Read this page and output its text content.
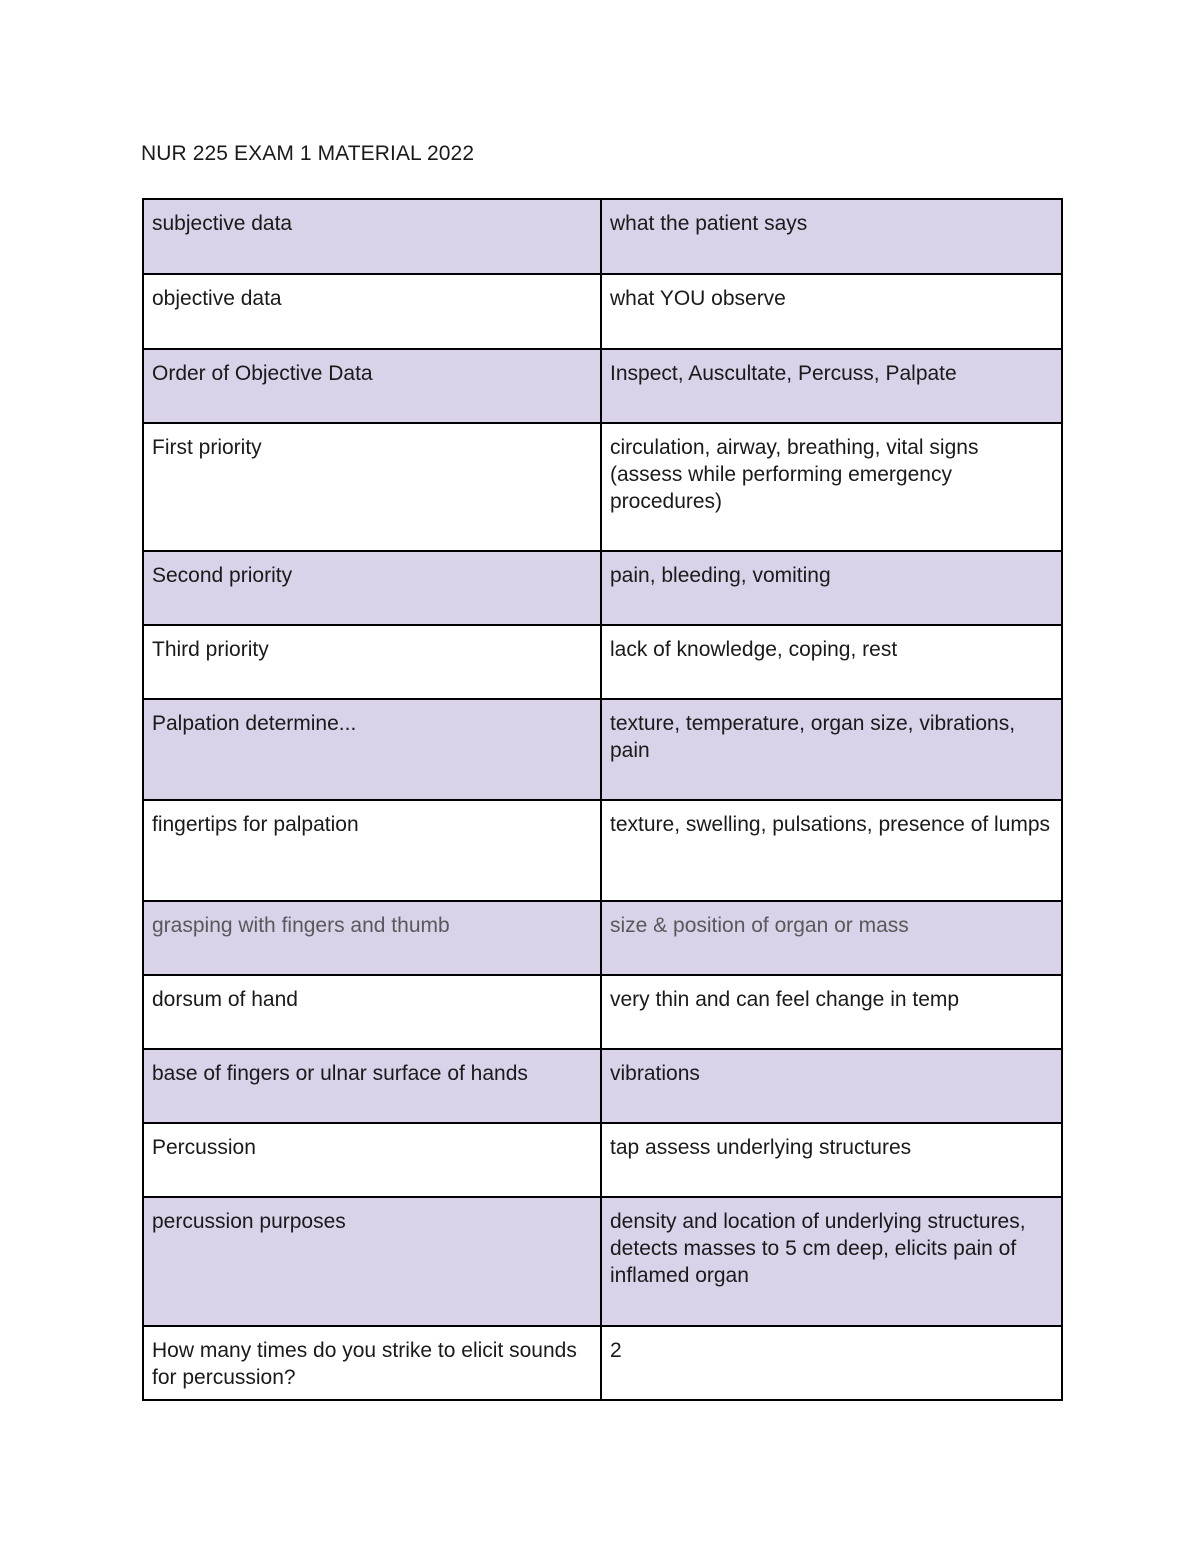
NUR 225 EXAM 1 MATERIAL 2022
subjective data	what the patient says
objective data	what YOU observe
Order of Objective Data	Inspect, Auscultate, Percuss, Palpate
First priority	circulation, airway, breathing, vital signs (assess while performing emergency procedures)
Second priority	pain, bleeding, vomiting
Third priority	lack of knowledge, coping, rest
Palpation determine...	texture, temperature, organ size, vibrations, pain
fingertips for palpation	texture, swelling, pulsations, presence of lumps
grasping with fingers and thumb	size & position of organ or mass
dorsum of hand	very thin and can feel change in temp
base of fingers or ulnar surface of hands	vibrations
Percussion	tap assess underlying structures
percussion purposes	density and location of underlying structures, detects masses to 5 cm deep, elicits pain of inflamed organ
How many times do you strike to elicit sounds for percussion?	2
